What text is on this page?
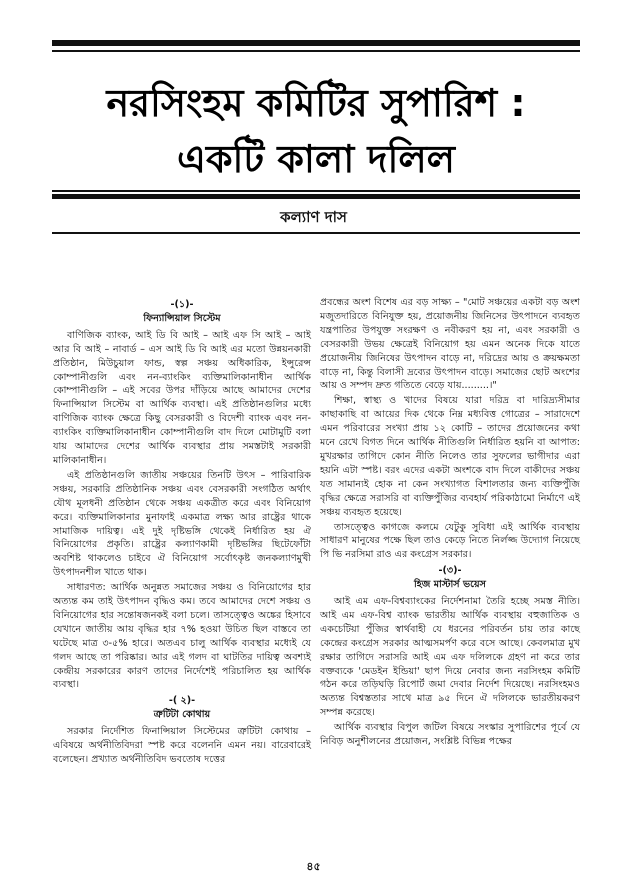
নরসিংহম কমিটির সুপারিশ :
একটি কালা দলিল
কল্যাণ দাস
-(১)-
ফিন্যান্সিয়াল সিস্টেম

বাণিজিক ব্যাংক, আই ডি বি আই – আই এফ সি আই – আই আর বি আই – নাবার্ড – এস আই ডি বি আই এর মতো উন্নয়নকারী প্রতিষ্ঠান, মিউচুয়াল ফান্ড, স্বল্প সঞ্চয় অধিকারিক, ইন্সুরেন্স কোম্পানীগুলি এবং নন-ব্যাংকিং ব্যক্তিমালিকানাধীন আর্থিক কোম্পানীগুলি – এই সবের উপর দাঁড়িয়ে আছে আমাদের দেশের ফিনান্সিয়াল সিস্টেম বা আর্থিক ব্যবস্থা। এই প্রতিষ্ঠানগুলির মধ্যে বাণিজিক ব্যাংক ক্ষেত্রে কিছু বেসরকারী ও বিদেশী ব্যাংক এবং নন-ব্যাংকিং ব্যক্তিমালিকানাধীন কোম্পানীগুলি বাদ দিলে মোটামুটি বলা যায় আমাদের দেশের আর্থিক ব্যবস্থার প্রায় সমস্তটাই সরকারী মালিকানাধীন।

এই প্রতিষ্ঠানগুলি জাতীয় সঞ্চয়ের তিনটি উৎস – পারিবারিক সঞ্চয়, সরকারি প্রতিষ্ঠানিক সঞ্চয় এবং বেসরকারী সংগঠিত অর্থাৎ যৌথ মূলধনী প্রতিষ্ঠান থেকে সঞ্চয় একত্রীত করে এবং বিনিয়োগ করে। ব্যক্তিমালিকানার মুনাফাই একমাত্র লক্ষ্য আর রাষ্ট্রের থাকে সামাজিক দায়িত্ব। এই দুই দৃষ্টিভঙ্গি থেকেই নির্ধারিত হয় ঐ বিনিয়োগের প্রকৃতি। রাষ্ট্রের কল্যাণকামী দৃষ্টিভঙ্গির ছিটেফোঁটা অবশিষ্ট থাকলেও চাইবে ঐ বিনিয়োগ সর্বোৎকৃষ্ট জনকল্যাণমুখী উৎপাদনশীল খাতে থাক।

সাধারণত: আর্থিক অনুন্নত সমাজের সঞ্চয় ও বিনিয়োগের হার অত্যন্ত কম তাই উৎপাদন বৃদ্ধিও কম। তবে আমাদের দেশে সঞ্চয় ও বিনিয়োগের হার সন্তোষজনকই বলা চলে। তাসত্ত্বেও অঙ্কের হিসাবে যেখানে জাতীয় আয় বৃদ্ধির হার ৭% হওয়া উচিত ছিল বাস্তবে তা ঘটেছে মাত্র ৩-৫% হারে। অতএব চালু আর্থিক ব্যবস্থার মধ্যেই যে গলদ আছে তা পরিষ্কার। আর এই গলদ বা ঘাটতির দায়িত্ব অবশ্যই কেন্দ্রীয় সরকারের কারণ তাদের নির্দেশেই পরিচালিত হয় আর্থিক ব্যবস্থা।

-( ২)-
ত্রুটিটা কোথায়

সরকার নির্দেশিত ফিনান্সিয়াল সিস্টেমের ত্রুটিটা কোথায় – এবিষয়ে অর্থনীতিবিদরা স্পষ্ট করে বলেননি এমন নয়। বারেবারেই বলেছেন। প্রখ্যাত অর্থনীতিবিদ ভবতোষ দত্তের

প্রবন্ধের অংশ বিশেষ এর বড় সাক্ষ্য – "মোট সঞ্চয়ের একটা বড় অংশ মজুতদারিতে বিনিযুক্ত হয়, প্রয়োজনীয় জিনিসের উৎপাদনে ব্যবহৃত যন্ত্রপাতির উপযুক্ত সংরক্ষণ ও নবীকরণ হয় না, এবং সরকারী ও বেসরকারী উভয় ক্ষেত্রেই বিনিয়োগ হয় এমন অনেক দিকে যাতে প্রয়োজনীয় জিনিষের উৎপাদন বাড়ে না, দরিদ্রের আয় ও ক্রয়ক্ষমতা বাড়ে না, কিন্তু বিলাসী দ্রব্যের উৎপাদন বাড়ে। সমাজের ছোট অংশের আয় ও সম্পদ দ্রুত গতিতে বেড়ে যায়.........।"

শিক্ষা, স্বাস্থ্য ও খাদের বিষয়ে যারা দরিদ্র বা দারিদ্র্যসীমার কাছাকাছি বা আয়ের দিক থেকে নিম্ন মধ্যবিত্ত গোত্রের – সারাদেশে এমন পরিবারের সংখ্যা প্রায় ১২ কোটি – তাদের প্রয়োজনের কথা মনে রেখে বিগত দিনে আর্থিক নীতিগুলি নির্ধারিত হয়নি বা আপাত: মুখরক্ষার তাগিদে কোন নীতি নিলেও তার সুফলের ভাগীদার এরা হয়নি এটা স্পষ্ট। বরং এদের একটা অংশকে বাদ দিলে বাকীদের সঞ্চয় যত সামান্যই হোক না কেন সংখ্যাগত বিশালতার জন্য ব্যক্তিপুঁজি বৃদ্ধির ক্ষেত্রে সরাসরি বা ব্যক্তিপুঁজির ব্যবহার্য পরিকাঠামো নির্মাণে এই সঞ্চয় ব্যবহৃত হয়েছে।

তাসত্ত্বেও কাগজে কলমে যেটুকু সুবিধা এই আর্থিক ব্যবস্থায় সাধারণ মানুষের পক্ষে ছিল তাও কেড়ে নিতে নির্লজ্জ উদ্যোগ নিয়েছে পি ভি নরসিমা রাও এর কংগ্রেস সরকার।

-(৩)-
হিজ মাস্টার্স ভয়েস

আই এম এফ-বিশ্বব্যাংকের নির্দেশনামা তৈরি হচ্ছে সমস্ত নীতি। আই এম এফ-বিশ্ব ব্যাংক ভারতীয় আর্থিক ব্যবস্থায় বহুজাতিক ও একচেটিয়া পুঁজির স্বার্থবাহী যে ধরনের পরিবর্তন চায় তার কাছে কেন্দ্রের কংগ্রেস সরকার আত্মসমর্পণ করে বসে আছে। কেবলমাত্র মুখ রক্ষার তাগিদে সরাসরি আই এম এফ দলিলকে গ্রহণ না করে তার বক্তব্যকে 'মেডইন ইন্ডিয়া' ছাপ দিয়ে নেবার জন্য নরসিংহম কমিটি গঠন করে তড়িঘড়ি রিপোর্ট জমা দেবার নির্দেশ দিয়েছে। নরসিংহমও অত্যন্ত বিশ্বস্ততার সাথে মাত্র ৯৫ দিনে ঐ দলিলকে ভারতীয়করণ সম্পন্ন করেছে।

আর্থিক ব্যবস্থার বিপুল জটিল বিষয়ে সংস্কার সুপারিশের পূর্বে যে নিবিড় অনুশীলনের প্রয়োজন, সংশ্লিষ্ট বিভিন্ন পক্ষের

৪৫
